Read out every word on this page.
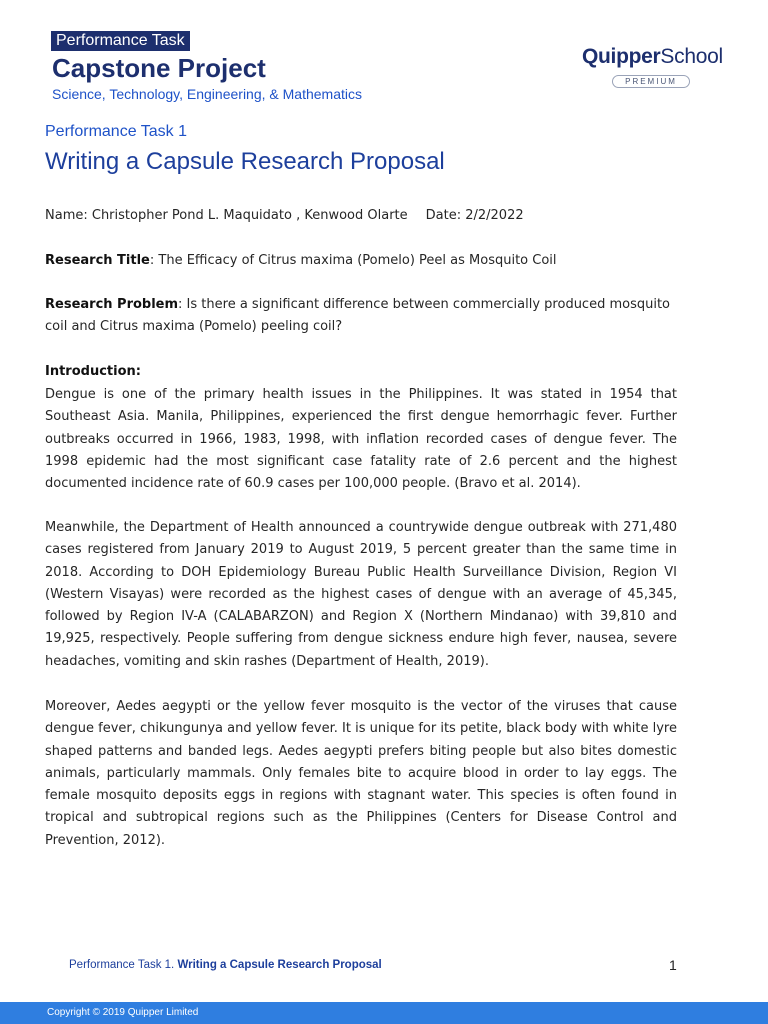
Performance Task
Capstone Project
Science, Technology, Engineering, & Mathematics
QuipperSchool
PREMIUM
Performance Task 1
Writing a Capsule Research Proposal
Name: Christopher Pond L. Maquidato , Kenwood Olarte Date: 2/2/2022
Research Title: The Efficacy of Citrus maxima (Pomelo) Peel as Mosquito Coil
Research Problem: Is there a significant difference between commercially produced mosquito coil and Citrus maxima (Pomelo) peeling coil?
Introduction:
Dengue is one of the primary health issues in the Philippines. It was stated in 1954 that Southeast Asia. Manila, Philippines, experienced the first dengue hemorrhagic fever. Further outbreaks occurred in 1966, 1983, 1998, with inflation recorded cases of dengue fever. The 1998 epidemic had the most significant case fatality rate of 2.6 percent and the highest documented incidence rate of 60.9 cases per 100,000 people. (Bravo et al. 2014).
Meanwhile, the Department of Health announced a countrywide dengue outbreak with 271,480 cases registered from January 2019 to August 2019, 5 percent greater than the same time in 2018. According to DOH Epidemiology Bureau Public Health Surveillance Division, Region VI (Western Visayas) were recorded as the highest cases of dengue with an average of 45,345, followed by Region IV-A (CALABARZON) and Region X (Northern Mindanao) with 39,810 and 19,925, respectively. People suffering from dengue sickness endure high fever, nausea, severe headaches, vomiting and skin rashes (Department of Health, 2019).
Moreover, Aedes aegypti or the yellow fever mosquito is the vector of the viruses that cause dengue fever, chikungunya and yellow fever. It is unique for its petite, black body with white lyre shaped patterns and banded legs. Aedes aegypti prefers biting people but also bites domestic animals, particularly mammals. Only females bite to acquire blood in order to lay eggs. The female mosquito deposits eggs in regions with stagnant water. This species is often found in tropical and subtropical regions such as the Philippines (Centers for Disease Control and Prevention, 2012).
Performance Task 1. Writing a Capsule Research Proposal	1
Copyright © 2019 Quipper Limited
